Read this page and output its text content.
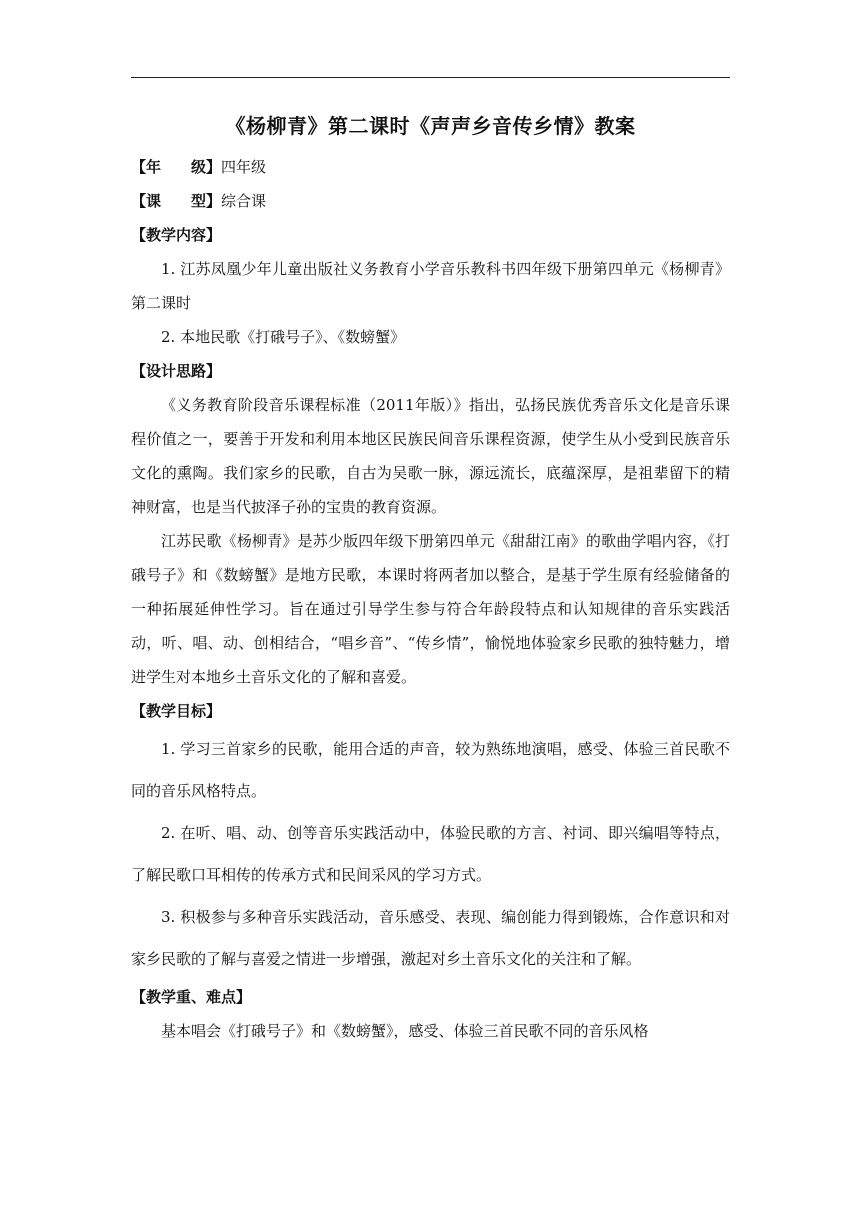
《杨柳青》第二课时《声声乡音传乡情》教案
【年　　级】四年级
【课　　型】综合课
【教学内容】

1. 江苏凤凰少年儿童出版社义务教育小学音乐教科书四年级下册第四单元《杨柳青》第二课时

2. 本地民歌《打硪号子》、《数螃蟹》

【设计思路】

《义务教育阶段音乐课程标准（2011年版）》指出，弘扬民族优秀音乐文化是音乐课程价值之一，要善于开发和利用本地区民族民间音乐课程资源，使学生从小受到民族音乐文化的熏陶。我们家乡的民歌，自古为吴歌一脉，源远流长，底蕴深厚，是祖辈留下的精神财富，也是当代披泽子孙的宝贵的教育资源。

江苏民歌《杨柳青》是苏少版四年级下册第四单元《甜甜江南》的歌曲学唱内容，《打硪号子》和《数螃蟹》是地方民歌，本课时将两者加以整合，是基于学生原有经验储备的一种拓展延伸性学习。旨在通过引导学生参与符合年龄段特点和认知规律的音乐实践活动，听、唱、动、创相结合，“唱乡音”、“传乡情”，愉悦地体验家乡民歌的独特魅力，增进学生对本地乡土音乐文化的了解和喜爱。

【教学目标】

1. 学习三首家乡的民歌，能用合适的声音，较为熟练地演唱，感受、体验三首民歌不同的音乐风格特点。

2. 在听、唱、动、创等音乐实践活动中，体验民歌的方言、衬词、即兴编唱等特点，了解民歌口耳相传的传承方式和民间采风的学习方式。

3. 积极参与多种音乐实践活动，音乐感受、表现、编创能力得到锻炼，合作意识和对家乡民歌的了解与喜爱之情进一步增强，激起对乡土音乐文化的关注和了解。

【教学重、难点】

基本唱会《打硪号子》和《数螃蟹》，感受、体验三首民歌不同的音乐风格
